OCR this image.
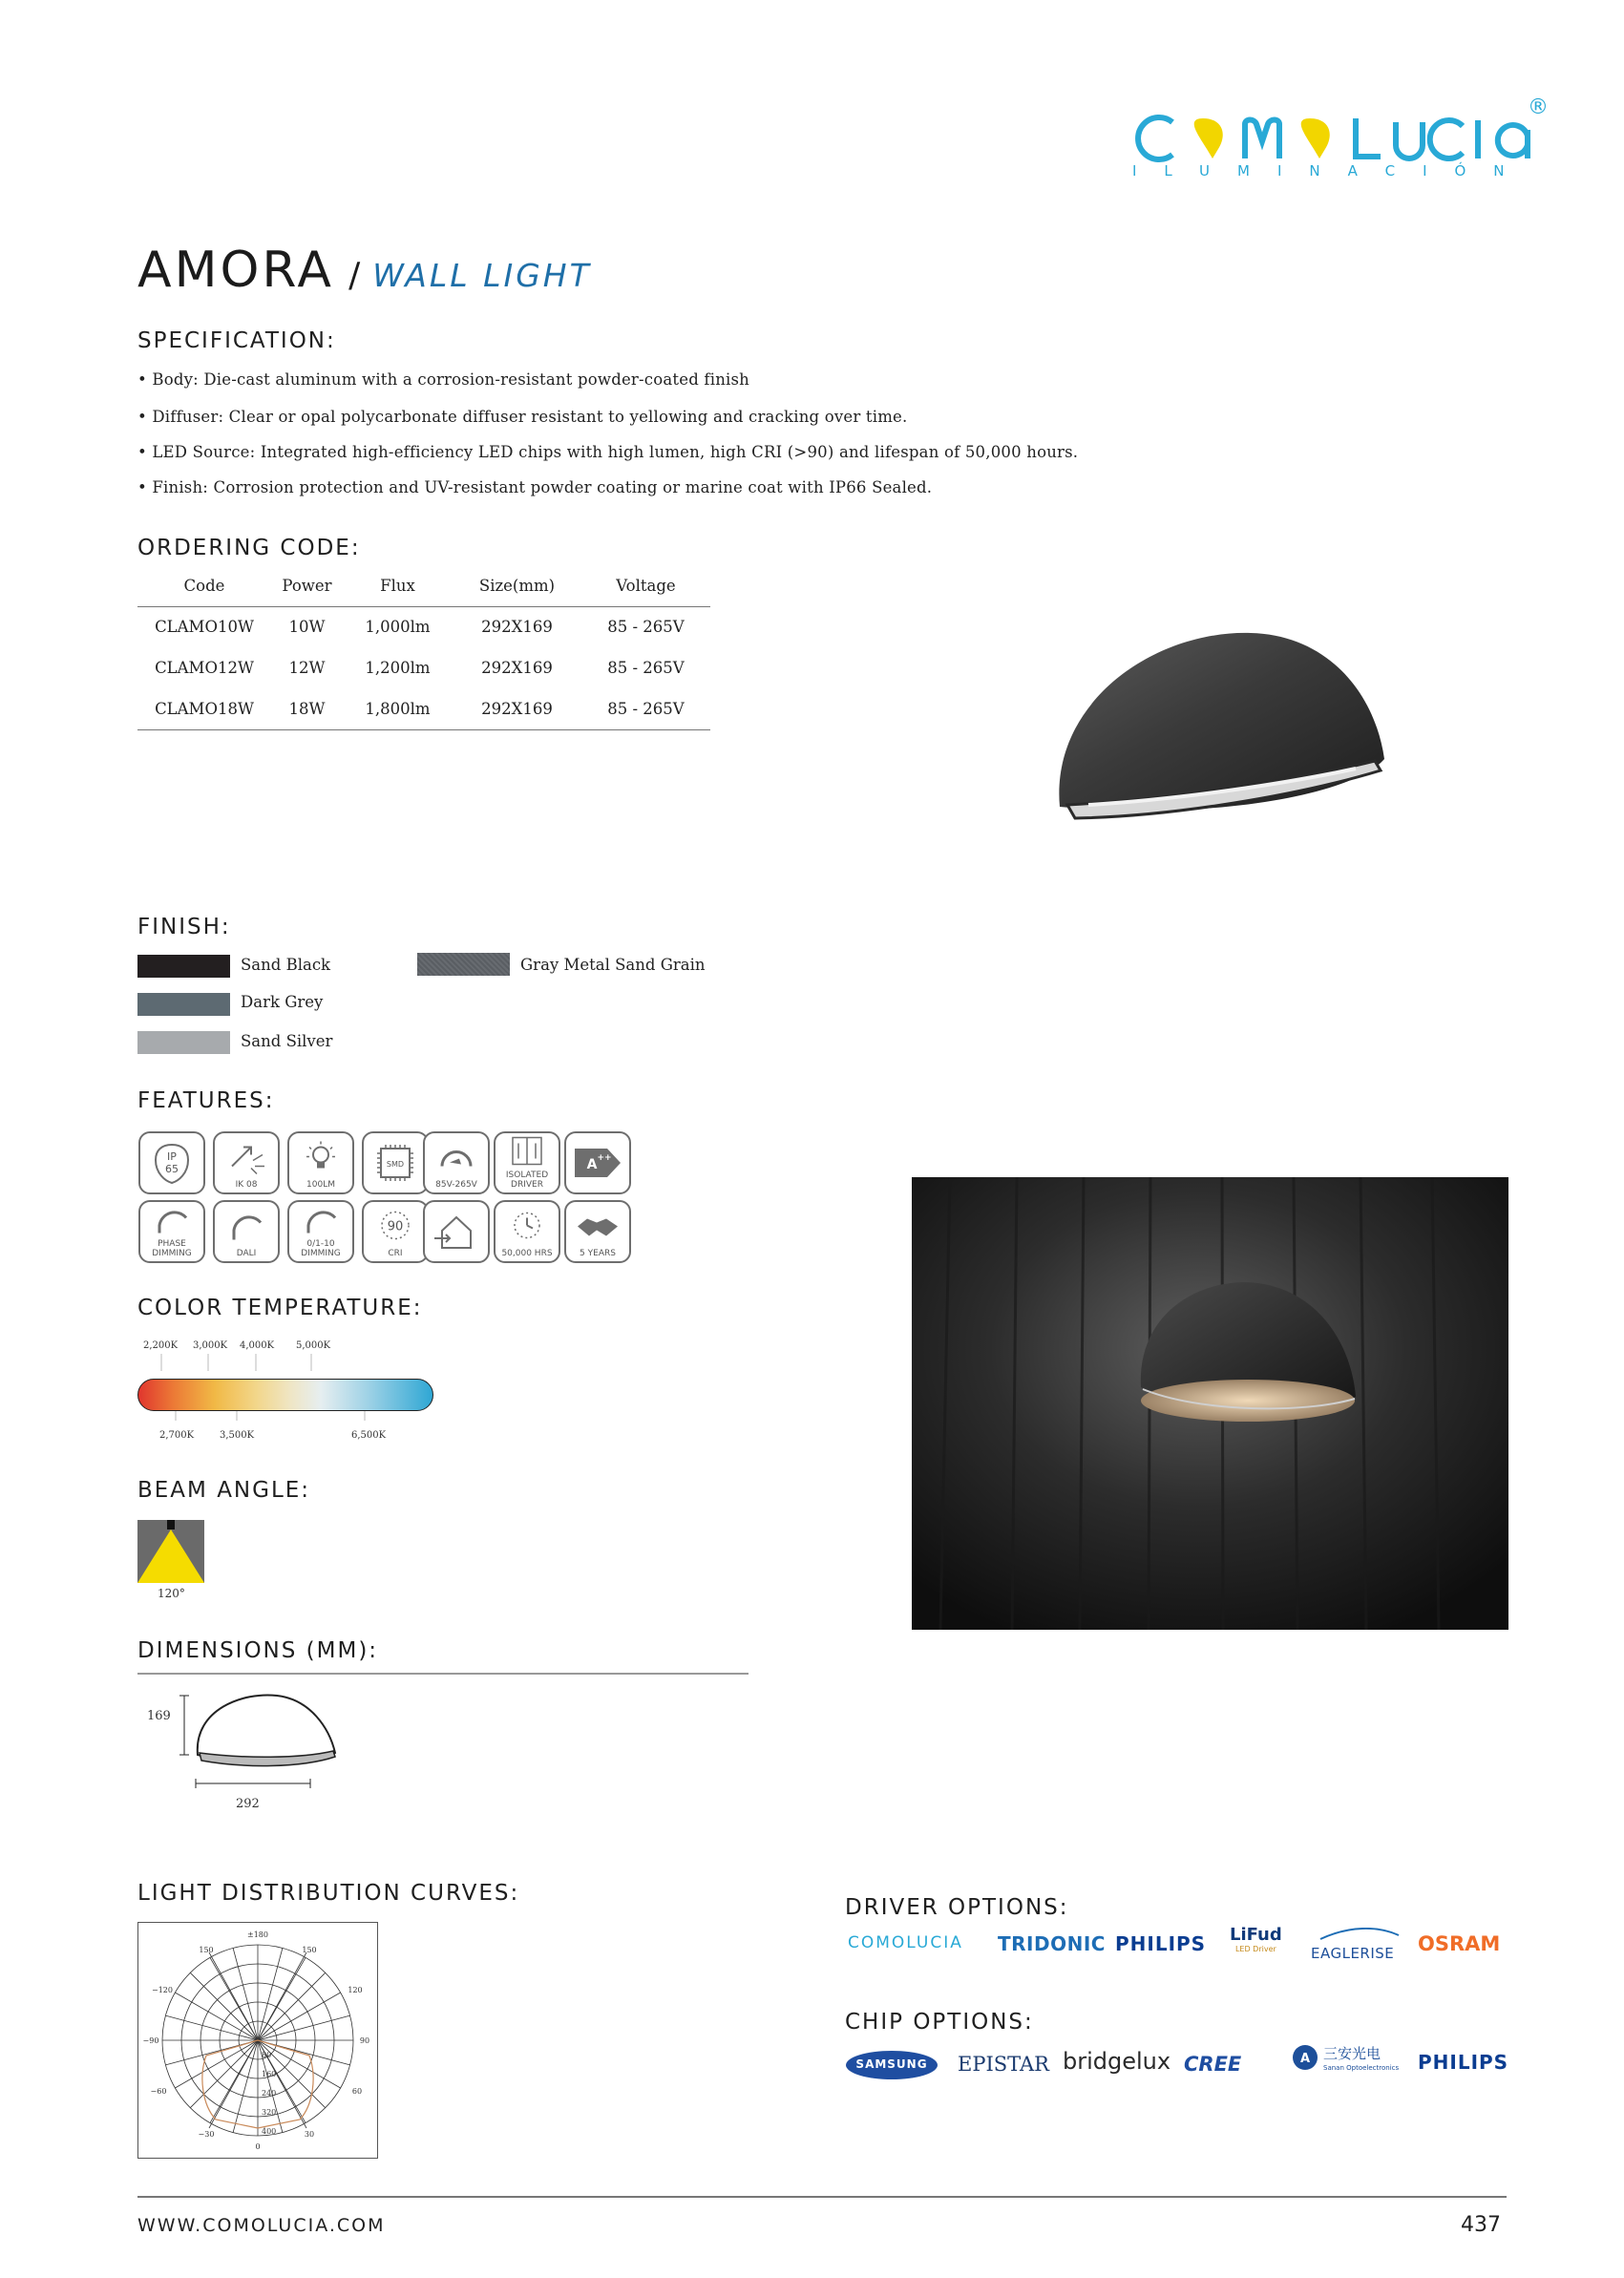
®
ILUMINACIÓN
AMORA / WALL LIGHT
SPECIFICATION:
• Body: Die-cast aluminum with a corrosion-resistant powder-coated finish
• Diffuser: Clear or opal polycarbonate diffuser resistant to yellowing and cracking over time.
• LED Source: Integrated high-efficiency LED chips with high lumen, high CRI (>90) and lifespan of 50,000 hours.
• Finish: Corrosion protection and UV-resistant powder coating or marine coat with IP66 Sealed.
ORDERING CODE:
Code	Power	Flux	Size(mm)	Voltage
CLAMO10W	10W	1,000lm	292X169	85 - 265V
CLAMO12W	12W	1,200lm	292X169	85 - 265V
CLAMO18W	18W	1,800lm	292X169	85 - 265V
FINISH:
Sand Black
Dark Grey
Sand Silver
Gray Metal Sand Grain
FEATURES:
IP
65
IK 08	100LM
SMD
85V-265V
ISOLATED DRIVER
A ++
PHASE DIMMING	DALI
0/1-10 DIMMING
90
CRI	50,000 HRS	5 YEARS
COLOR TEMPERATURE:
2,200K 3,000K 4,000K 5,000K
2,700K	3,500K	6,500K
BEAM ANGLE:
120°
DIMENSIONS (MM):
169
292
LIGHT DISTRIBUTION CURVES:
±180
150	150
−120	120
−90	90
−60	60
−30	30
0
80
160
240
320
400
DRIVER OPTIONS:
COMOLUCIA TRIDONIC PHILIPS LiFud
LED Driver	EAGLERISE	OSRAM
CHIP OPTIONS:
SAMSUNG	EPISTAR bridgelux CREE	A 三安光电
Sanan Optoelectronics PHILIPS
WWW.COMOLUCIA.COM	437
